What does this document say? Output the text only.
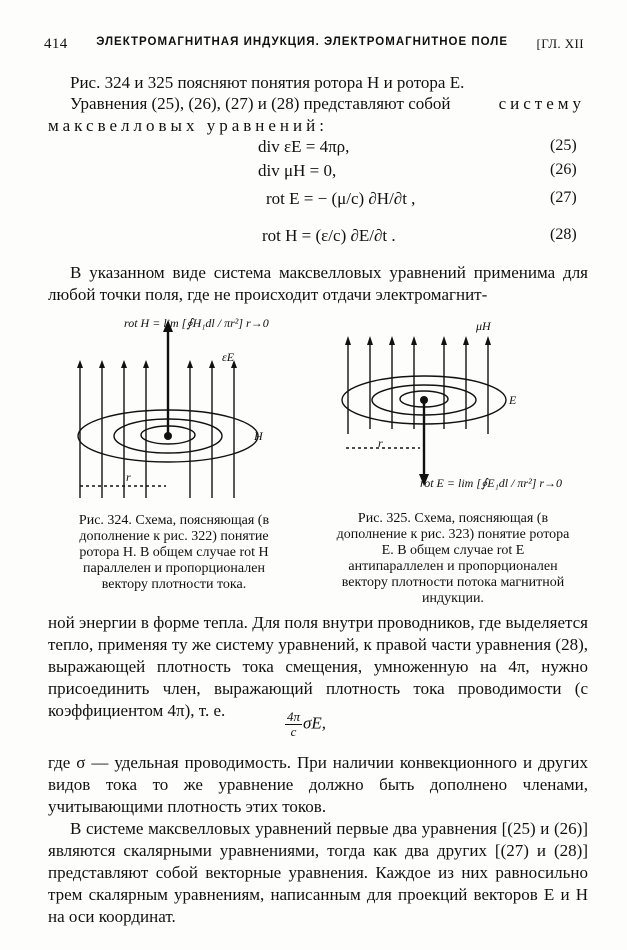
414 ЭЛЕКТРОМАГНИТНАЯ ИНДУКЦИЯ. ЭЛЕКТРОМАГНИТНОЕ ПОЛЕ [ГЛ. XII
Рис. 324 и 325 поясняют понятия ротора H и ротора E.
Уравнения (25), (26), (27) и (28) представляют собой	систему
максвелловых уравнений:
div εE = 4πρ,	(25)
div μH = 0,	(26)
rot E = − (μ/c) ∂H/∂t ,	(27)
rot H = (ε/c) ∂E/∂t .	(28)
В указанном виде система максвелловых уравнений применима для любой точки поля, где не происходит отдачи электромагнит-
rot H = lim [∮H₁dl / πr²] r→0
εE
H
r
Рис. 324. Схема, поясняющая (в дополнение к рис. 322) понятие ротора H. В общем случае rot H параллелен и пропорционален вектору плотности тока.
μH
E
r
rot E = lim [∮E₁dl / πr²] r→0
Рис. 325. Схема, поясняющая (в дополнение к рис. 323) понятие ротора E. В общем случае rot E антипараллелен и пропорционален вектору плотности потока магнитной индукции.
ной энергии в форме тепла. Для поля внутри проводников, где выделяется тепло, применяя ту же систему уравнений, к правой части уравнения (28), выражающей плотность тока смещения, умноженную на 4π, нужно присоединить член, выражающий плотность тока проводимости (с коэффициентом 4π), т. е.	$\frac{4\pi}{c} \sigma E$,
где σ — удельная проводимость. При наличии конвекционного и других видов тока то же уравнение должно быть дополнено членами, учитывающими плотность этих токов.
В системе максвелловых уравнений первые два уравнения [(25) и (26)] являются скалярными уравнениями, тогда как два других [(27) и (28)] представляют собой векторные уравнения. Каждое из них равносильно трем скалярным уравнениям, написанным для проекций векторов E и H на оси координат.
